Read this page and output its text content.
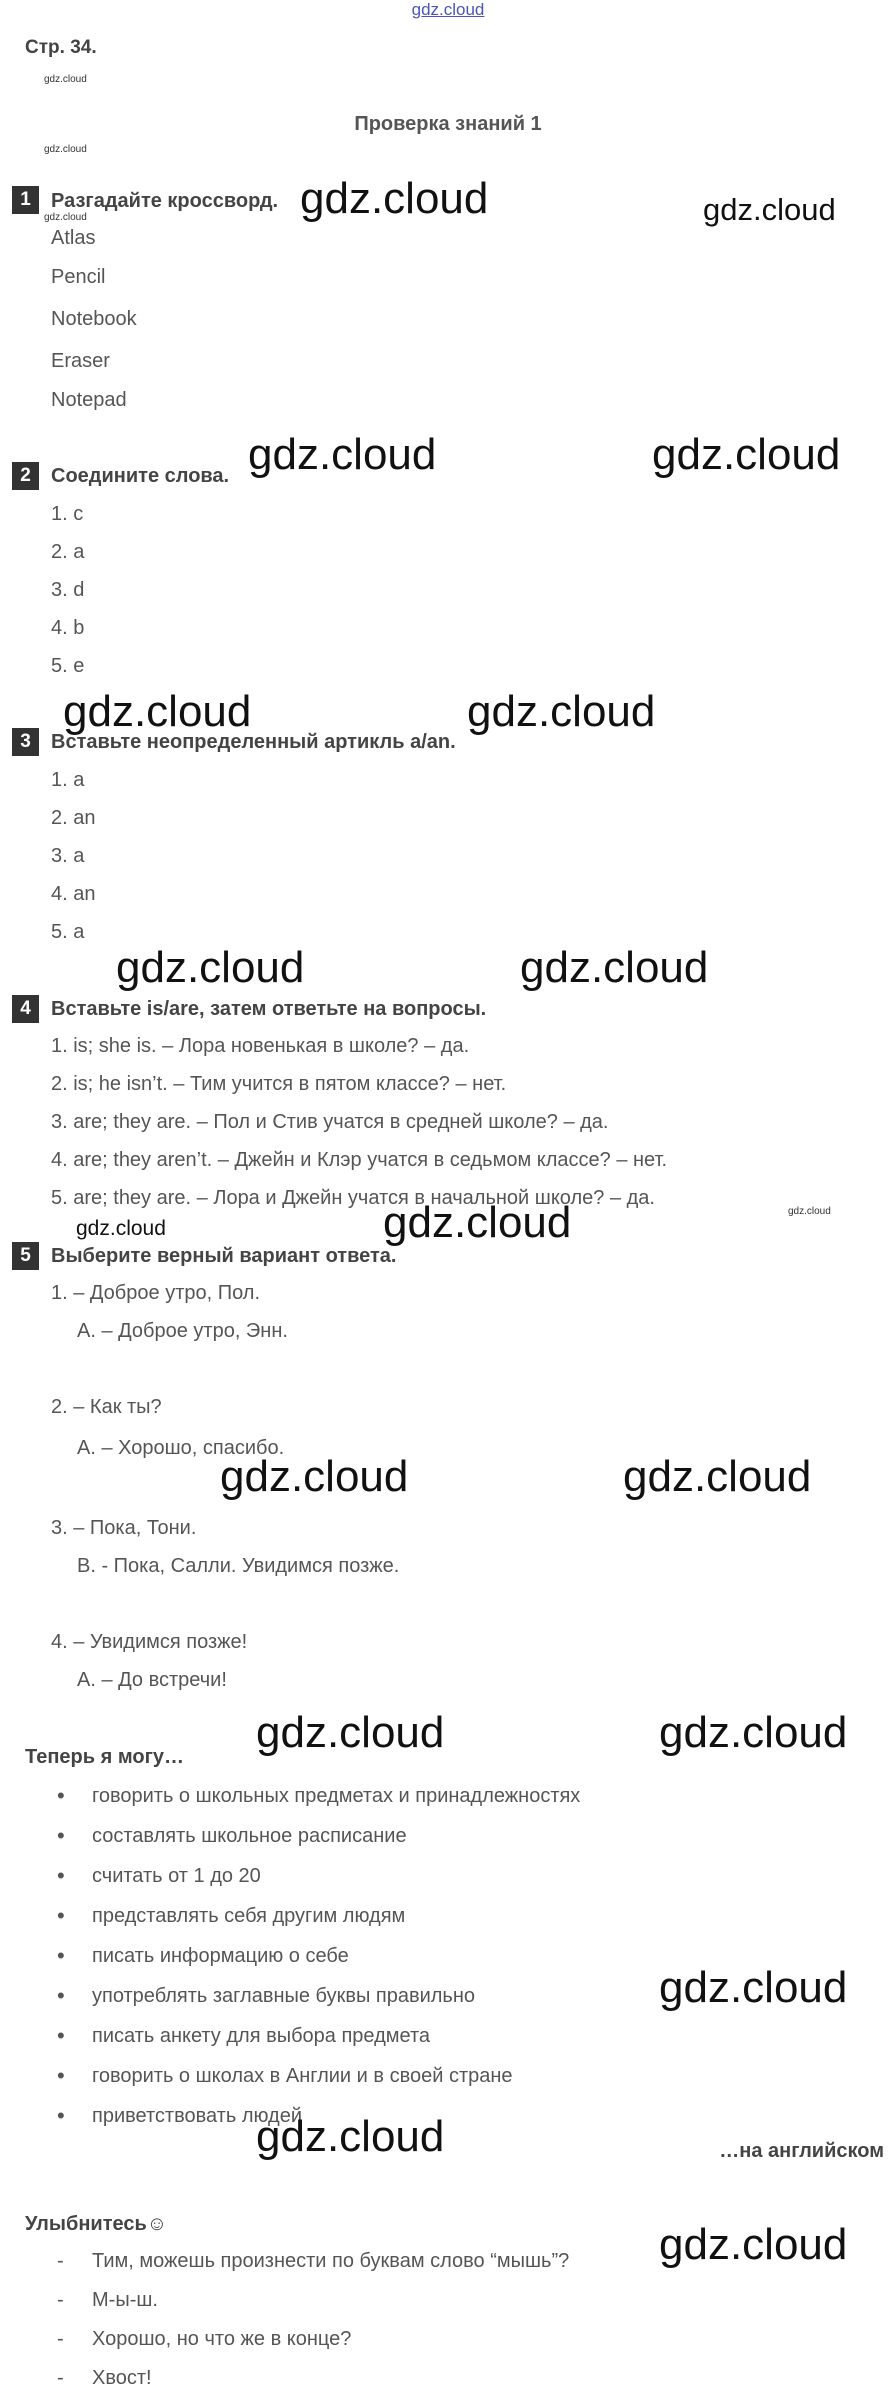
gdz.cloud
Стр. 34.
gdz.cloud
Проверка знаний 1
gdz.cloud
1	Разгадайте кроссворд.
gdz.cloud	gdz.cloud	gdz.cloud
Atlas
Pencil
Notebook
Eraser
Notepad
gdz.cloud	gdz.cloud
2	Соедините слова.
1. c
2. a
3. d
4. b
5. e
gdz.cloud	gdz.cloud
3	Вставьте неопределенный артикль a/an.
1. a
2. an
3. a
4. an
5. a
gdz.cloud	gdz.cloud
4	Вставьте is/are, затем ответьте на вопросы.
1. is; she is. – Лора новенькая в школе? – да.
2. is; he isn’t. – Тим учится в пятом классе? – нет.
3. are; they are. – Пол и Стив учатся в средней школе? – да.
4. are; they aren’t. – Джейн и Клэр учатся в седьмом классе? – нет.
5. are; they are. – Лора и Джейн учатся в начальной школе? – да.
gdz.cloud
gdz.cloud	gdz.cloud
5	Выберите верный вариант ответа.
1. – Доброе утро, Пол.
А. – Доброе утро, Энн.
2. – Как ты?
А. – Хорошо, спасибо.
gdz.cloud	gdz.cloud
3. – Пока, Тони.
В. - Пока, Салли. Увидимся позже.
4. – Увидимся позже!
А. – До встречи!
gdz.cloud	gdz.cloud
Теперь я могу…
• говорить о школьных предметах и принадлежностях
• составлять школьное расписание
• считать от 1 до 20
• представлять себя другим людям
• писать информацию о себе
• употреблять заглавные буквы правильно
• писать анкету для выбора предмета
• говорить о школах в Англии и в своей стране
• приветствовать людей
gdz.cloud
gdz.cloud	…на английском
Улыбнитесь☺	gdz.cloud
- Тим, можешь произнести по буквам слово “мышь”?
- М-ы-ш.
- Хорошо, но что же в конце?
- Хвост!
